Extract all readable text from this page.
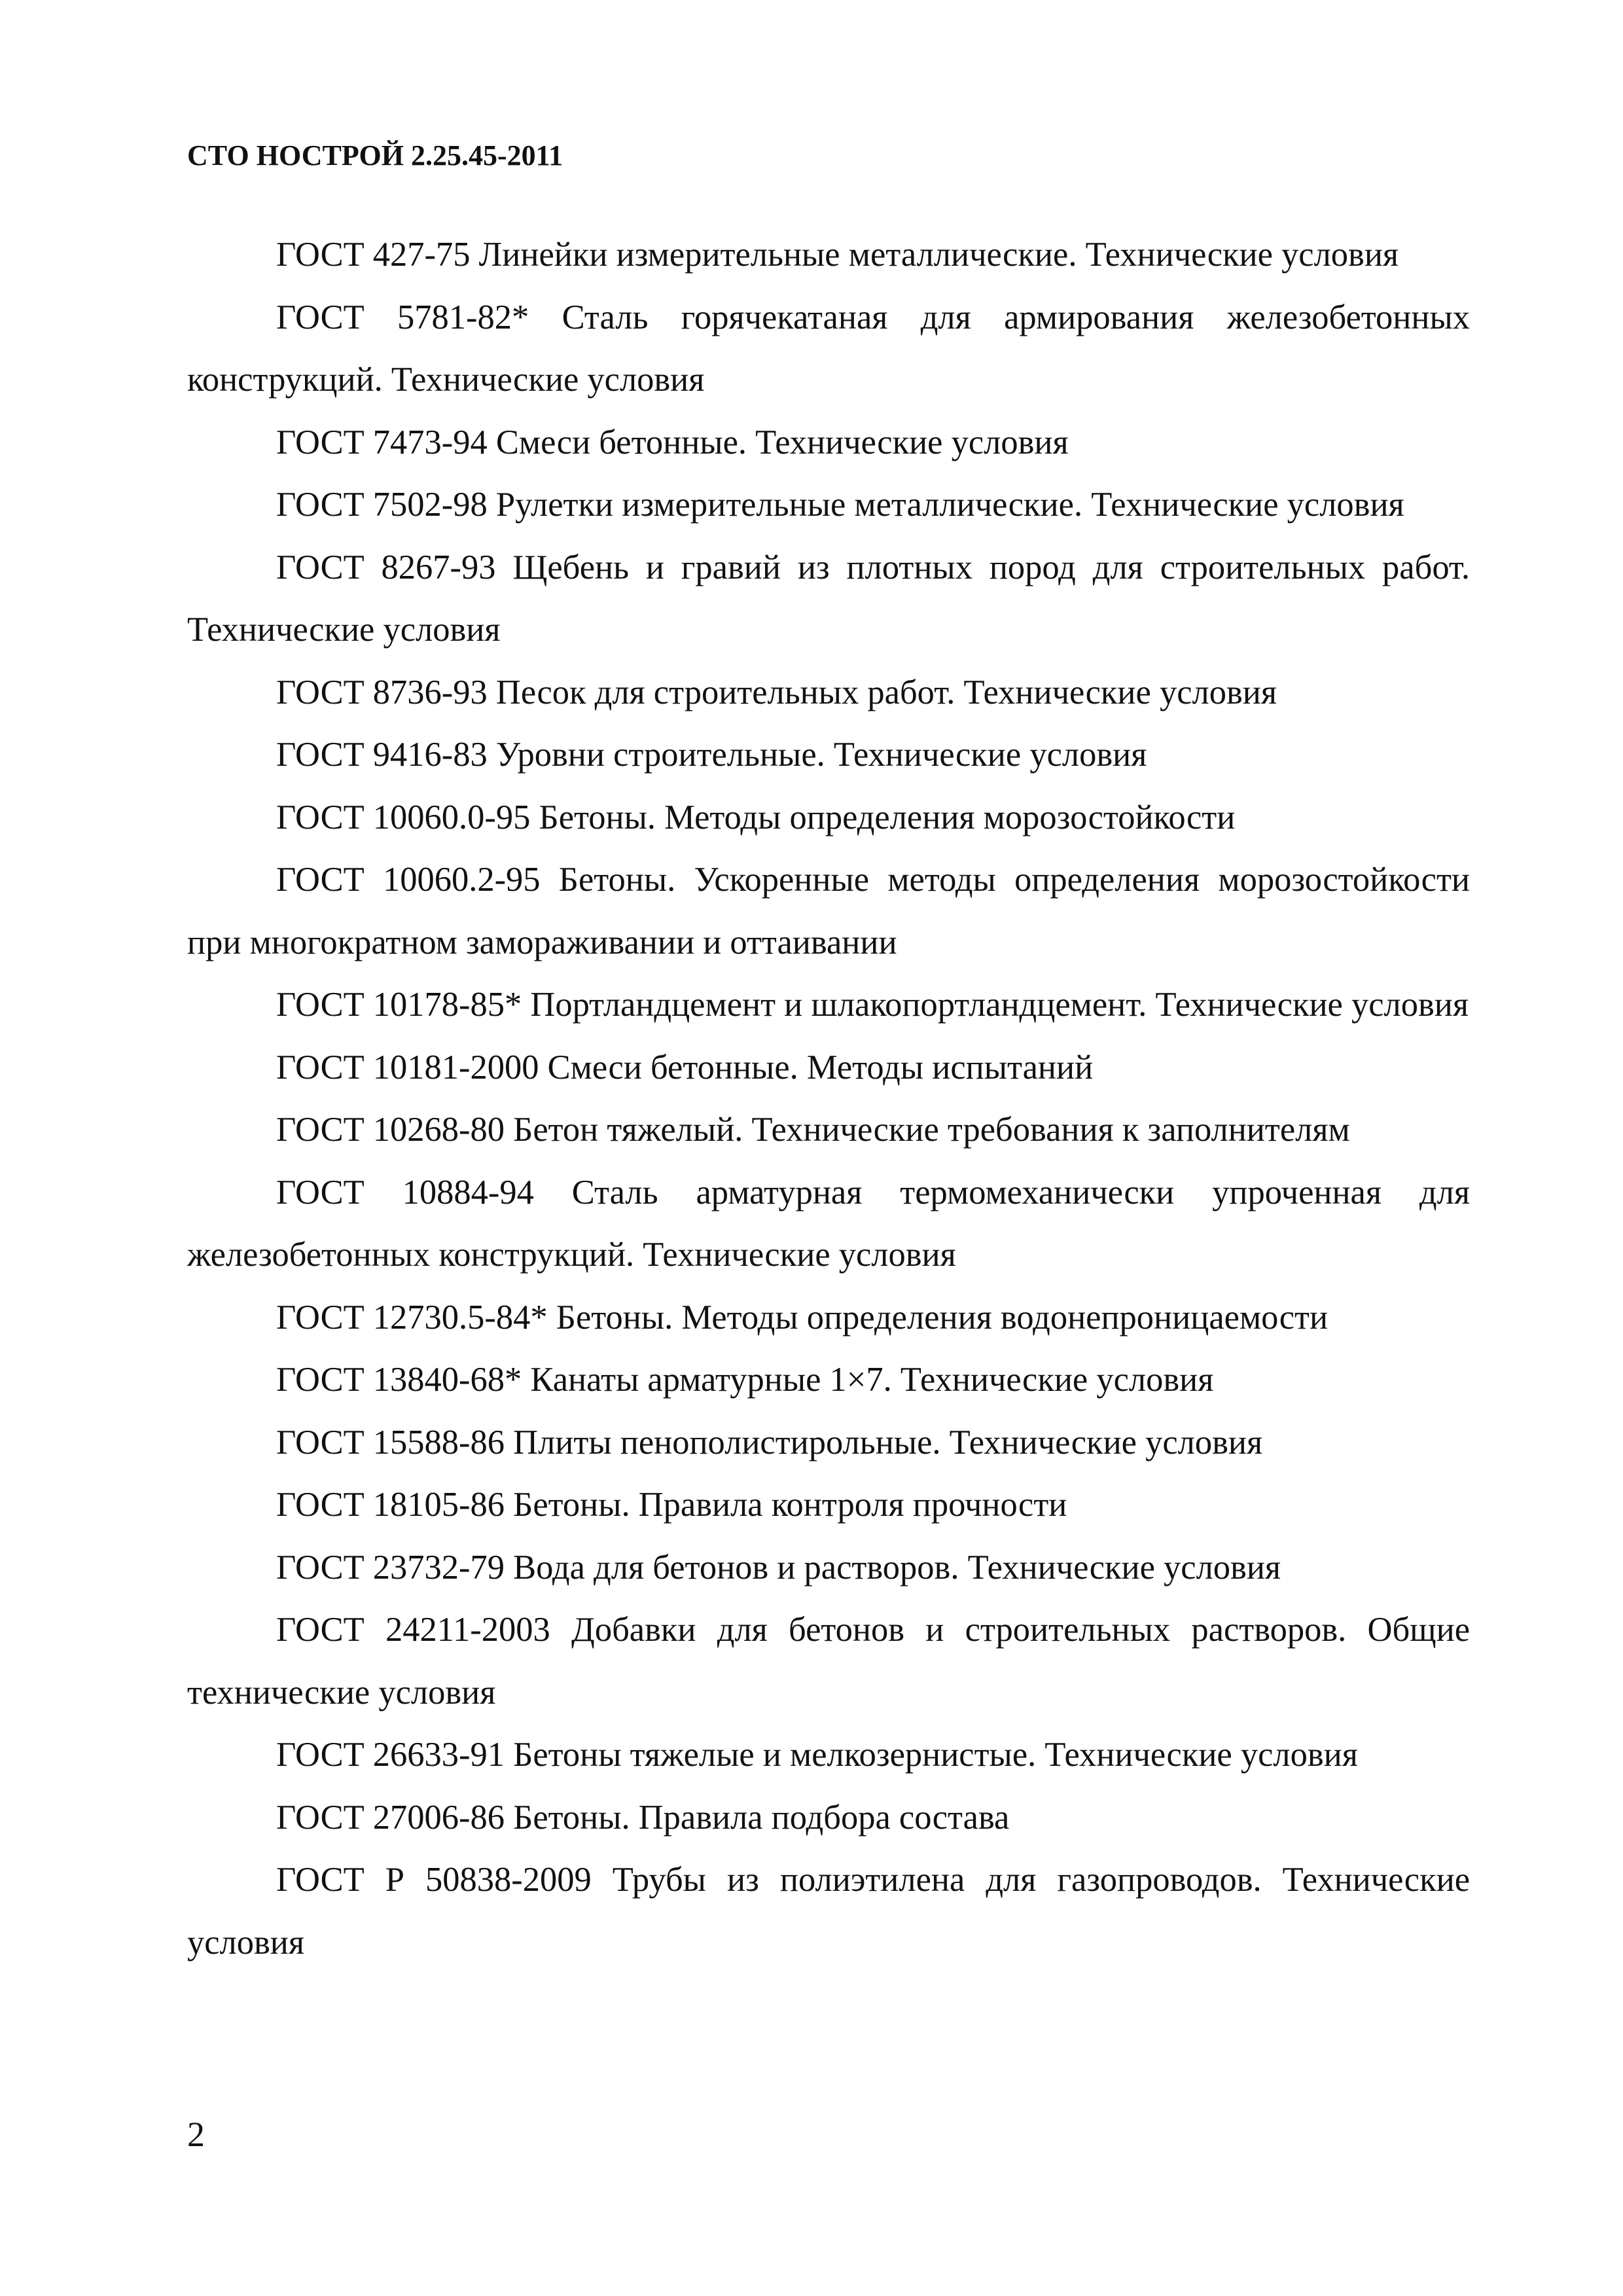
СТО НОСТРОЙ 2.25.45-2011
ГОСТ 427-75 Линейки измерительные металлические. Технические условия
ГОСТ 5781-82* Сталь горячекатаная для армирования железобетонных конструкций. Технические условия
ГОСТ 7473-94 Смеси бетонные. Технические условия
ГОСТ 7502-98 Рулетки измерительные металлические. Технические условия
ГОСТ 8267-93 Щебень и гравий из плотных пород для строительных работ. Технические условия
ГОСТ 8736-93 Песок для строительных работ. Технические условия
ГОСТ 9416-83 Уровни строительные. Технические условия
ГОСТ 10060.0-95 Бетоны. Методы определения морозостойкости
ГОСТ 10060.2-95 Бетоны. Ускоренные методы определения морозостойкости при многократном замораживании и оттаивании
ГОСТ 10178-85* Портландцемент и шлакопортландцемент. Технические условия
ГОСТ 10181-2000 Смеси бетонные. Методы испытаний
ГОСТ 10268-80 Бетон тяжелый. Технические требования к заполнителям
ГОСТ 10884-94 Сталь арматурная термомеханически упроченная для железобетонных конструкций. Технические условия
ГОСТ 12730.5-84* Бетоны. Методы определения водонепроницаемости
ГОСТ 13840-68* Канаты арматурные 1×7. Технические условия
ГОСТ 15588-86 Плиты пенополистирольные. Технические условия
ГОСТ 18105-86 Бетоны. Правила контроля прочности
ГОСТ 23732-79 Вода для бетонов и растворов. Технические условия
ГОСТ 24211-2003 Добавки для бетонов и строительных растворов. Общие технические условия
ГОСТ 26633-91 Бетоны тяжелые и мелкозернистые. Технические условия
ГОСТ 27006-86 Бетоны. Правила подбора состава
ГОСТ Р 50838-2009 Трубы из полиэтилена для газопроводов. Технические условия
2
